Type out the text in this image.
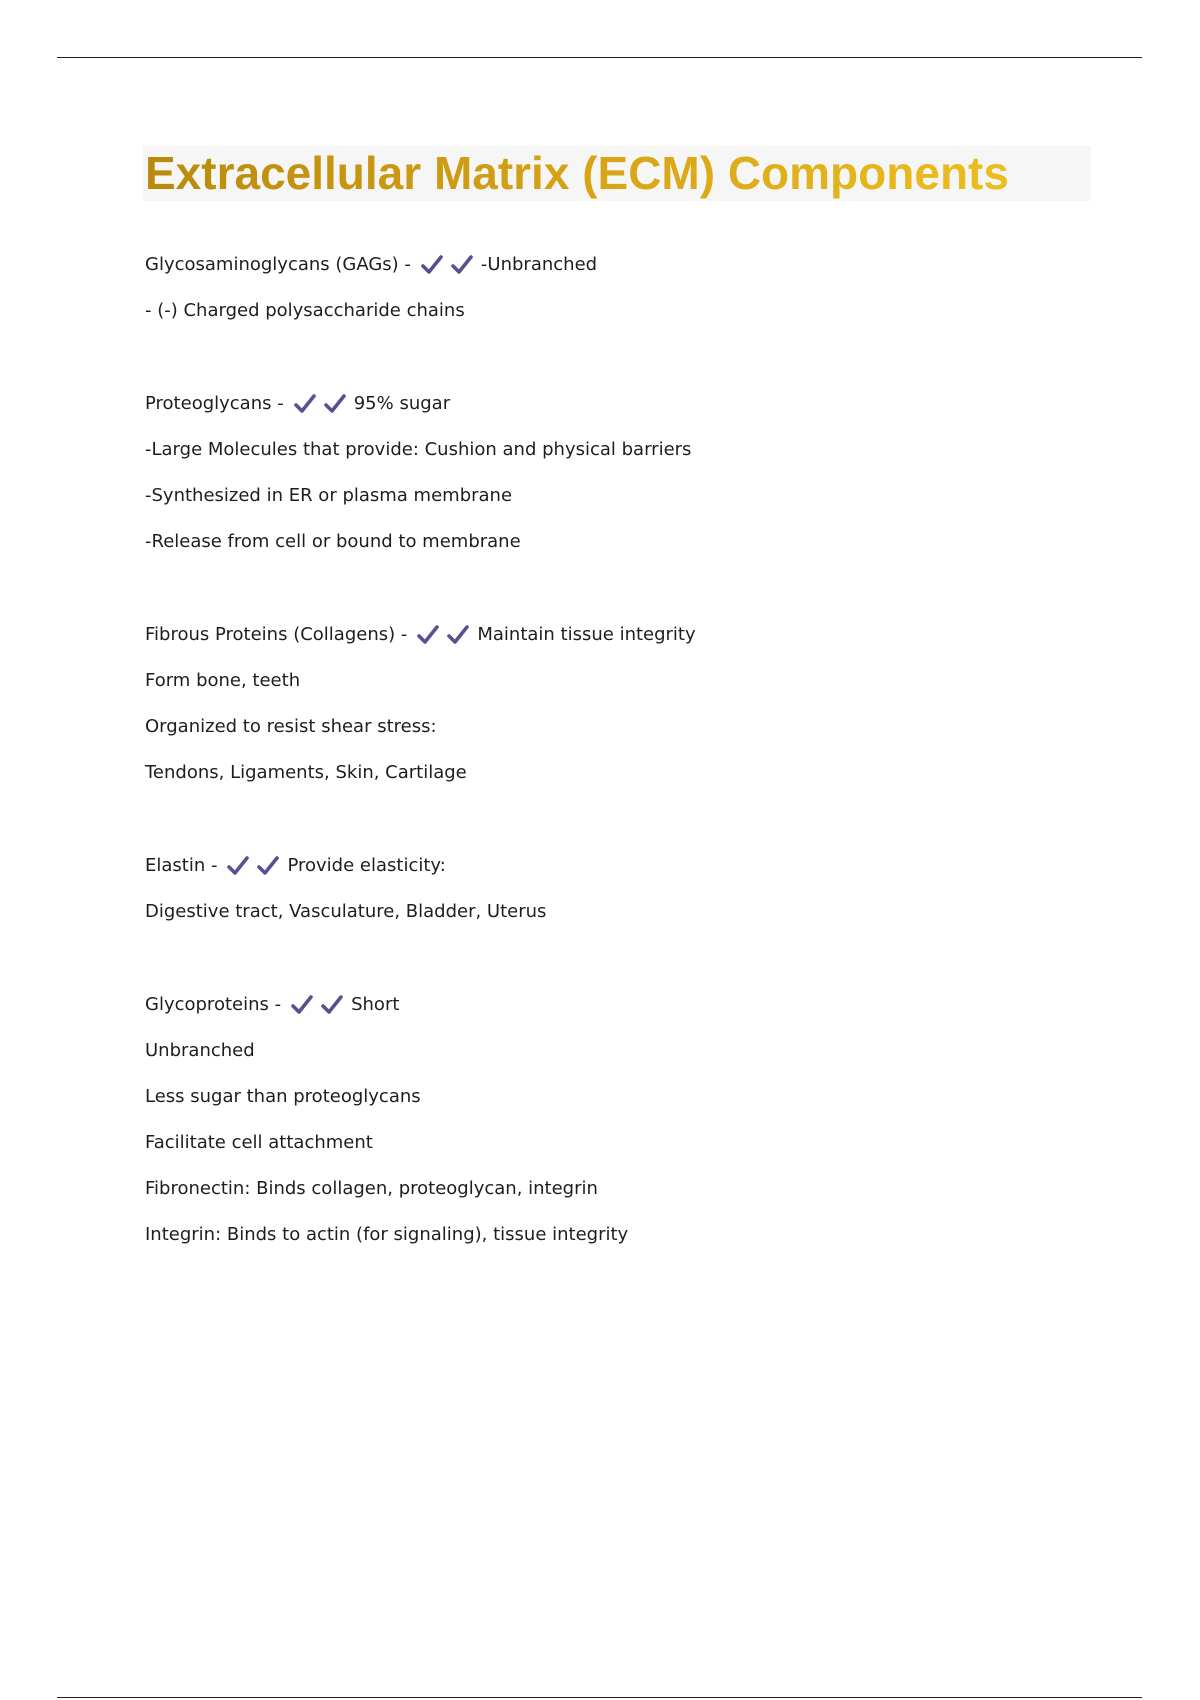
Extracellular Matrix (ECM) Components
Glycosaminoglycans (GAGs) -	-Unbranched
- (-) Charged polysaccharide chains
Proteoglycans -	95% sugar
-Large Molecules that provide: Cushion and physical barriers
-Synthesized in ER or plasma membrane
-Release from cell or bound to membrane
Fibrous Proteins (Collagens) -	Maintain tissue integrity
Form bone, teeth
Organized to resist shear stress:
Tendons, Ligaments, Skin, Cartilage
Elastin -	Provide elasticity:
Digestive tract, Vasculature, Bladder, Uterus
Glycoproteins -	Short
Unbranched
Less sugar than proteoglycans
Facilitate cell attachment
Fibronectin: Binds collagen, proteoglycan, integrin
Integrin: Binds to actin (for signaling), tissue integrity
